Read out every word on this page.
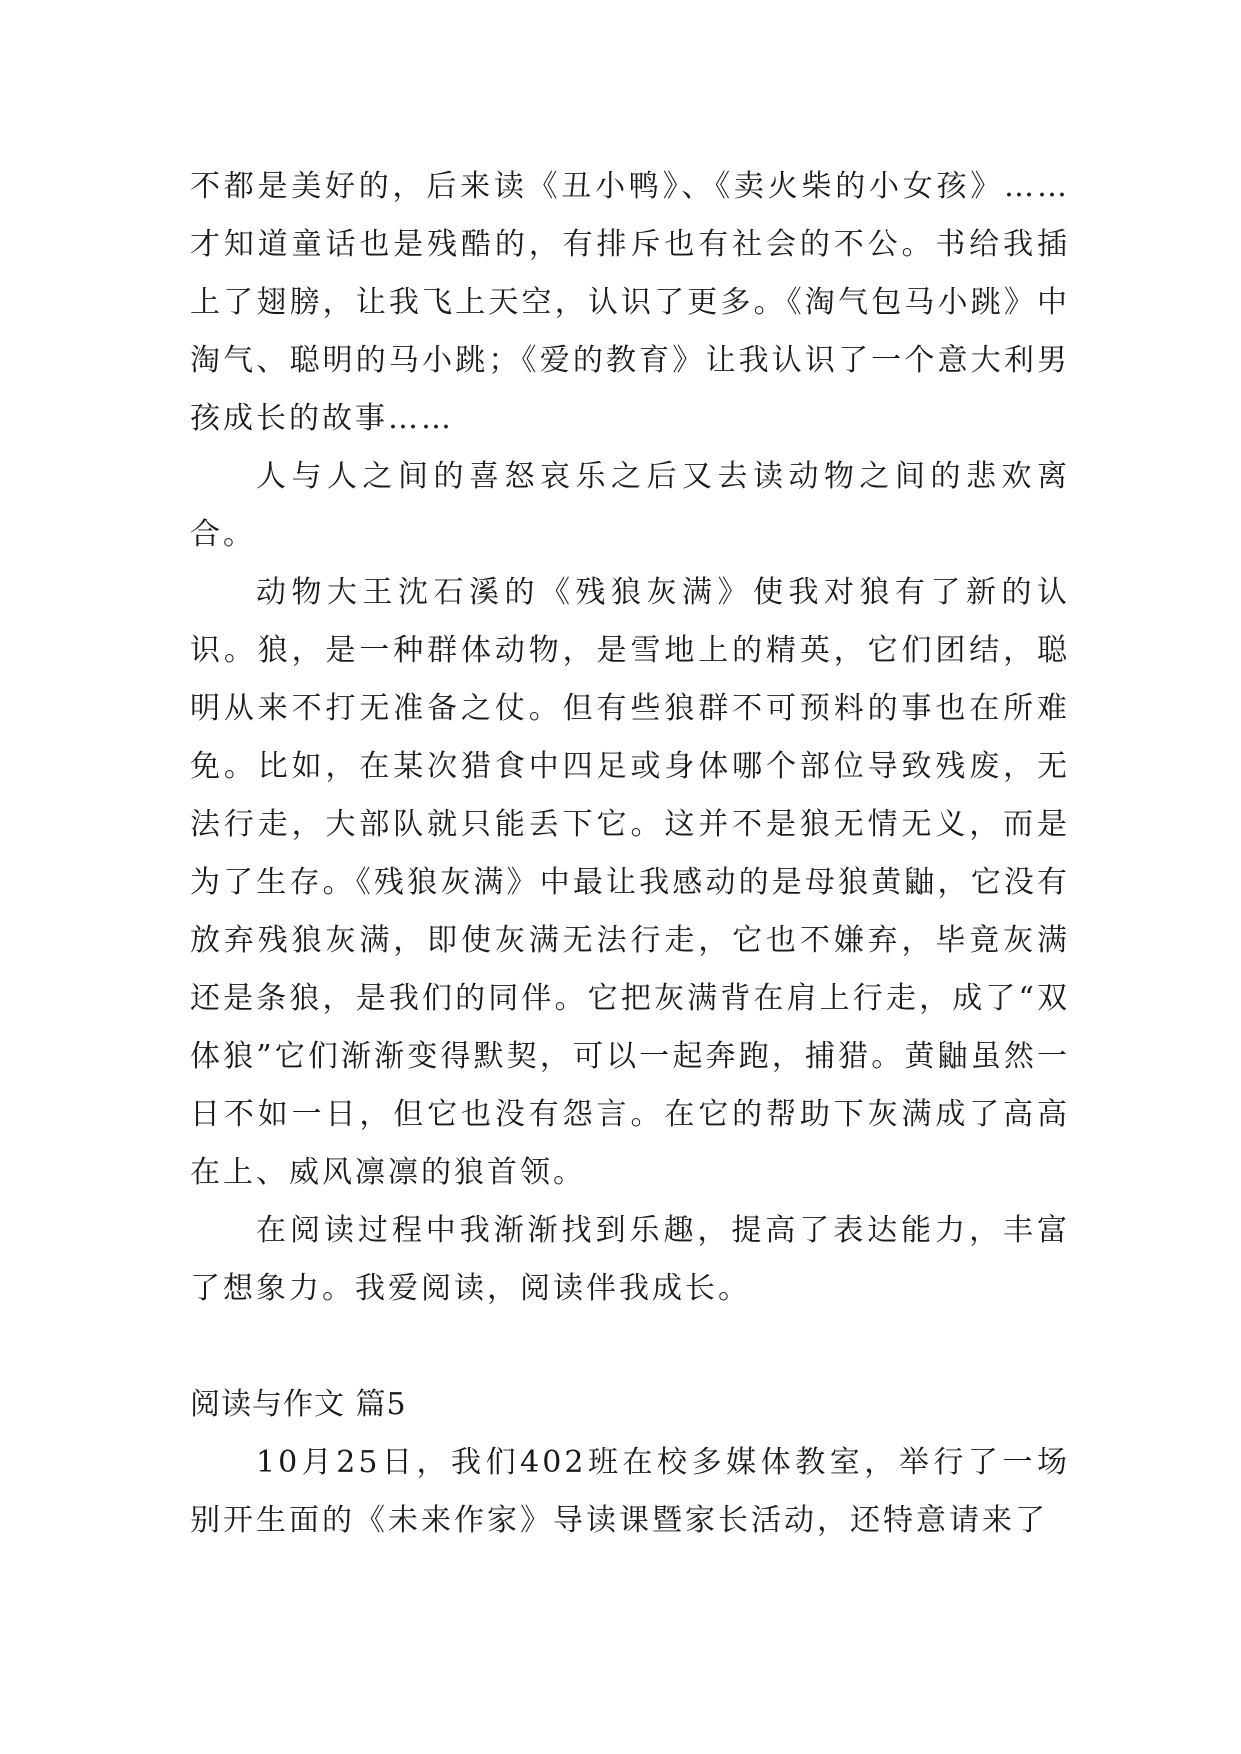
不都是美好的，后来读《丑小鸭》、《卖火柴的小女孩》……才知道童话也是残酷的，有排斥也有社会的不公。书给我插上了翅膀，让我飞上天空，认识了更多。《淘气包马小跳》中淘气、聪明的马小跳；《爱的教育》让我认识了一个意大利男孩成长的故事……

人与人之间的喜怒哀乐之后又去读动物之间的悲欢离合。

动物大王沈石溪的《残狼灰满》使我对狼有了新的认识。狼，是一种群体动物，是雪地上的精英，它们团结，聪明从来不打无准备之仗。但有些狼群不可预料的事也在所难免。比如，在某次猎食中四足或身体哪个部位导致残废，无法行走，大部队就只能丢下它。这并不是狼无情无义，而是为了生存。《残狼灰满》中最让我感动的是母狼黄鼬，它没有放弃残狼灰满，即使灰满无法行走，它也不嫌弃，毕竟灰满还是条狼，是我们的同伴。它把灰满背在肩上行走，成了“双体狼”它们渐渐变得默契，可以一起奔跑，捕猎。黄鼬虽然一日不如一日，但它也没有怨言。在它的帮助下灰满成了高高在上、威风凛凛的狼首领。

在阅读过程中我渐渐找到乐趣，提高了表达能力，丰富了想象力。我爱阅读，阅读伴我成长。

阅读与作文 篇5

10月25日，我们402班在校多媒体教室，举行了一场别开生面的《未来作家》导读课暨家长活动，还特意请来了
